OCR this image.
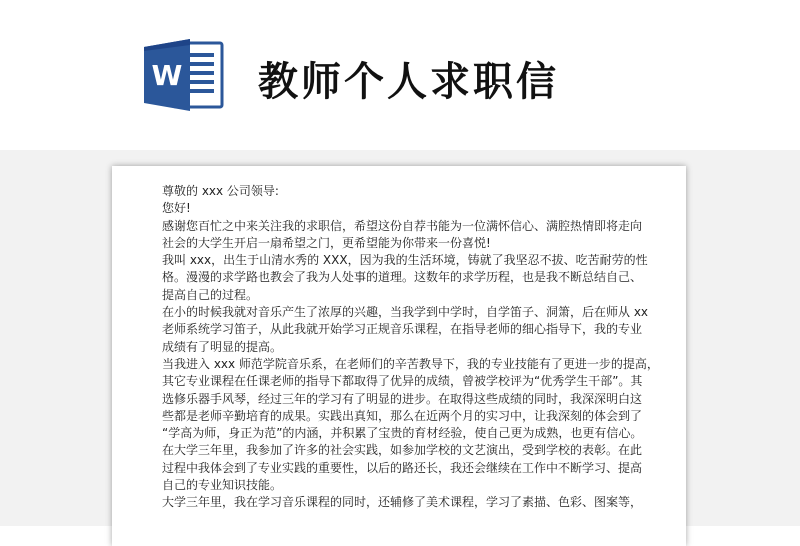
W 教师个人求职信

尊敬的 xxx 公司领导:

您好!

感谢您百忙之中来关注我的求职信，希望这份自荐书能为一位满怀信心、满腔热情即将走向

社会的大学生开启一扇希望之门，更希望能为你带来一份喜悦!

我叫 xxx，出生于山清水秀的 XXX，因为我的生活环境，铸就了我坚忍不拔、吃苦耐劳的性

格。漫漫的求学路也教会了我为人处事的道理。这数年的求学历程，也是我不断总结自己、

提高自己的过程。

在小的时候我就对音乐产生了浓厚的兴趣，当我学到中学时，自学笛子、洞箫，后在师从 xx

老师系统学习笛子，从此我就开始学习正规音乐课程，在指导老师的细心指导下，我的专业

成绩有了明显的提高。

当我进入 xxx 师范学院音乐系，在老师们的辛苦教导下，我的专业技能有了更进一步的提高，

其它专业课程在任课老师的指导下都取得了优异的成绩，曾被学校评为“优秀学生干部”。其

选修乐器手风琴，经过三年的学习有了明显的进步。在取得这些成绩的同时，我深深明白这

些都是老师辛勤培育的成果。实践出真知，那么在近两个月的实习中，让我深刻的体会到了

“学高为师，身正为范”的内涵，并积累了宝贵的育材经验，使自己更为成熟，也更有信心。

在大学三年里，我参加了许多的社会实践，如参加学校的文艺演出，受到学校的表彰。在此

过程中我体会到了专业实践的重要性，以后的路还长，我还会继续在工作中不断学习、提高

自己的专业知识技能。

大学三年里，我在学习音乐课程的同时，还辅修了美术课程，学习了素描、色彩、图案等，
